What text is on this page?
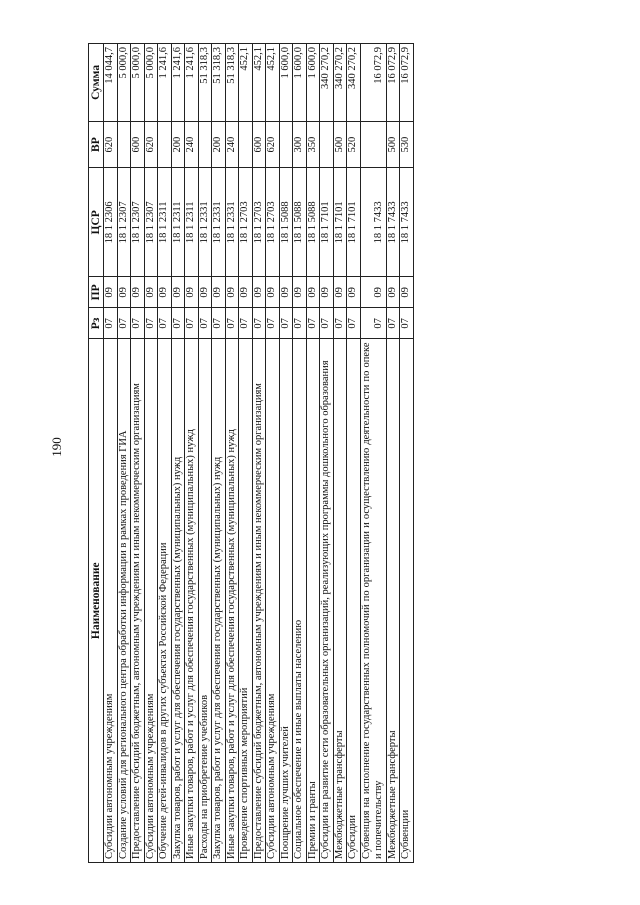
190
Наименование	Рз	ПР	ЦСР	ВР	Сумма
Субсидии автономным учреждениям	07	09	18 1 2306	620	14 044,7
Создание условий для регионального центра обработки информации в рамках проведения ГИА	07	09	18 1 2307		5 000,0
Предоставление субсидий бюджетным, автономным учреждениям и иным некоммерческим организациям	07	09	18 1 2307	600	5 000,0
Субсидии автономным учреждениям	07	09	18 1 2307	620	5 000,0
Обучение детей-инвалидов в других субъектах Российской Федерации	07	09	18 1 2311		1 241,6
Закупка товаров, работ и услуг для обеспечения государственных (муниципальных) нужд	07	09	18 1 2311	200	1 241,6
Иные закупки товаров, работ и услуг для обеспечения государственных (муниципальных) нужд	07	09	18 1 2311	240	1 241,6
Расходы на приобретение учебников	07	09	18 1 2331		51 318,3
Закупка товаров, работ и услуг для обеспечения государственных (муниципальных) нужд	07	09	18 1 2331	200	51 318,3
Иные закупки товаров, работ и услуг для обеспечения государственных (муниципальных) нужд	07	09	18 1 2331	240	51 318,3
Проведение спортивных мероприятий	07	09	18 1 2703		452,1
Предоставление субсидий бюджетным, автономным учреждениям и иным некоммерческим организациям	07	09	18 1 2703	600	452,1
Субсидии автономным учреждениям	07	09	18 1 2703	620	452,1
Поощрение лучших учителей	07	09	18 1 5088		1 600,0
Социальное обеспечение и иные выплаты населению	07	09	18 1 5088	300	1 600,0
Премии и гранты	07	09	18 1 5088	350	1 600,0
Субсидии на развитие сети образовательных организаций, реализующих программы дошкольного образования	07	09	18 1 7101		340 270,2
Межбюджетные трансферты	07	09	18 1 7101	500	340 270,2
Субсидии	07	09	18 1 7101	520	340 270,2
Субвенция на исполнение государственных полномочий по организации и осуществлению деятельности по опеке и попечительству	07	09	18 1 7433		16 072,9
Межбюджетные трансферты	07	09	18 1 7433	500	16 072,9
Субвенции	07	09	18 1 7433	530	16 072,9
